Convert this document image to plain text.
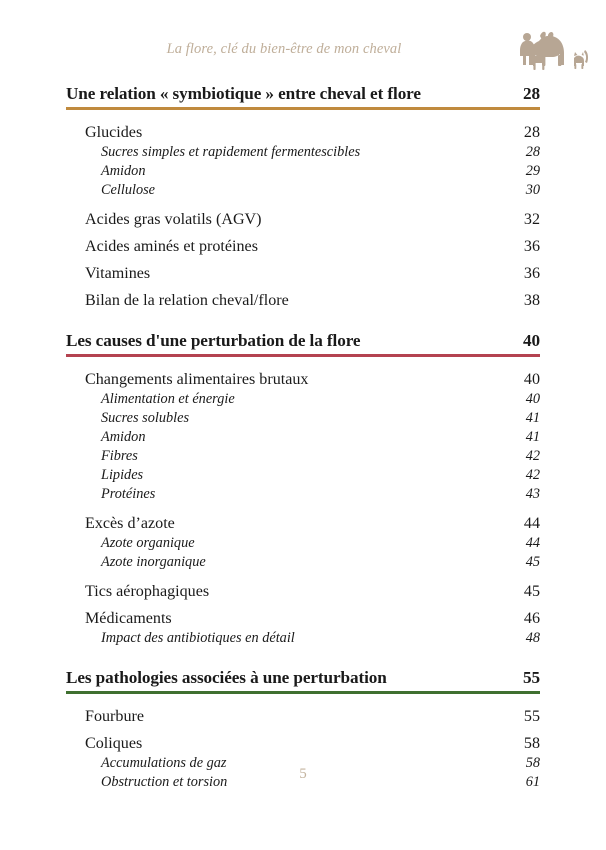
La flore, clé du bien-être de mon cheval
Une relation « symbiotique » entre cheval et flore	28
Glucides	28
Sucres simples et rapidement fermentescibles	28
Amidon	29
Cellulose	30
Acides gras volatils (AGV)	32
Acides aminés et protéines	36
Vitamines	36
Bilan de la relation cheval/flore	38
Les causes d'une perturbation de la flore	40
Changements alimentaires brutaux	40
Alimentation et énergie	40
Sucres solubles	41
Amidon	41
Fibres	42
Lipides	42
Protéines	43
Excès d’azote	44
Azote organique	44
Azote inorganique	45
Tics aérophagiques	45
Médicaments	46
Impact des antibiotiques en détail	48
Les pathologies associées à une perturbation	55
Fourbure	55
Coliques	58
Accumulations de gaz	58
Obstruction et torsion	61
5
